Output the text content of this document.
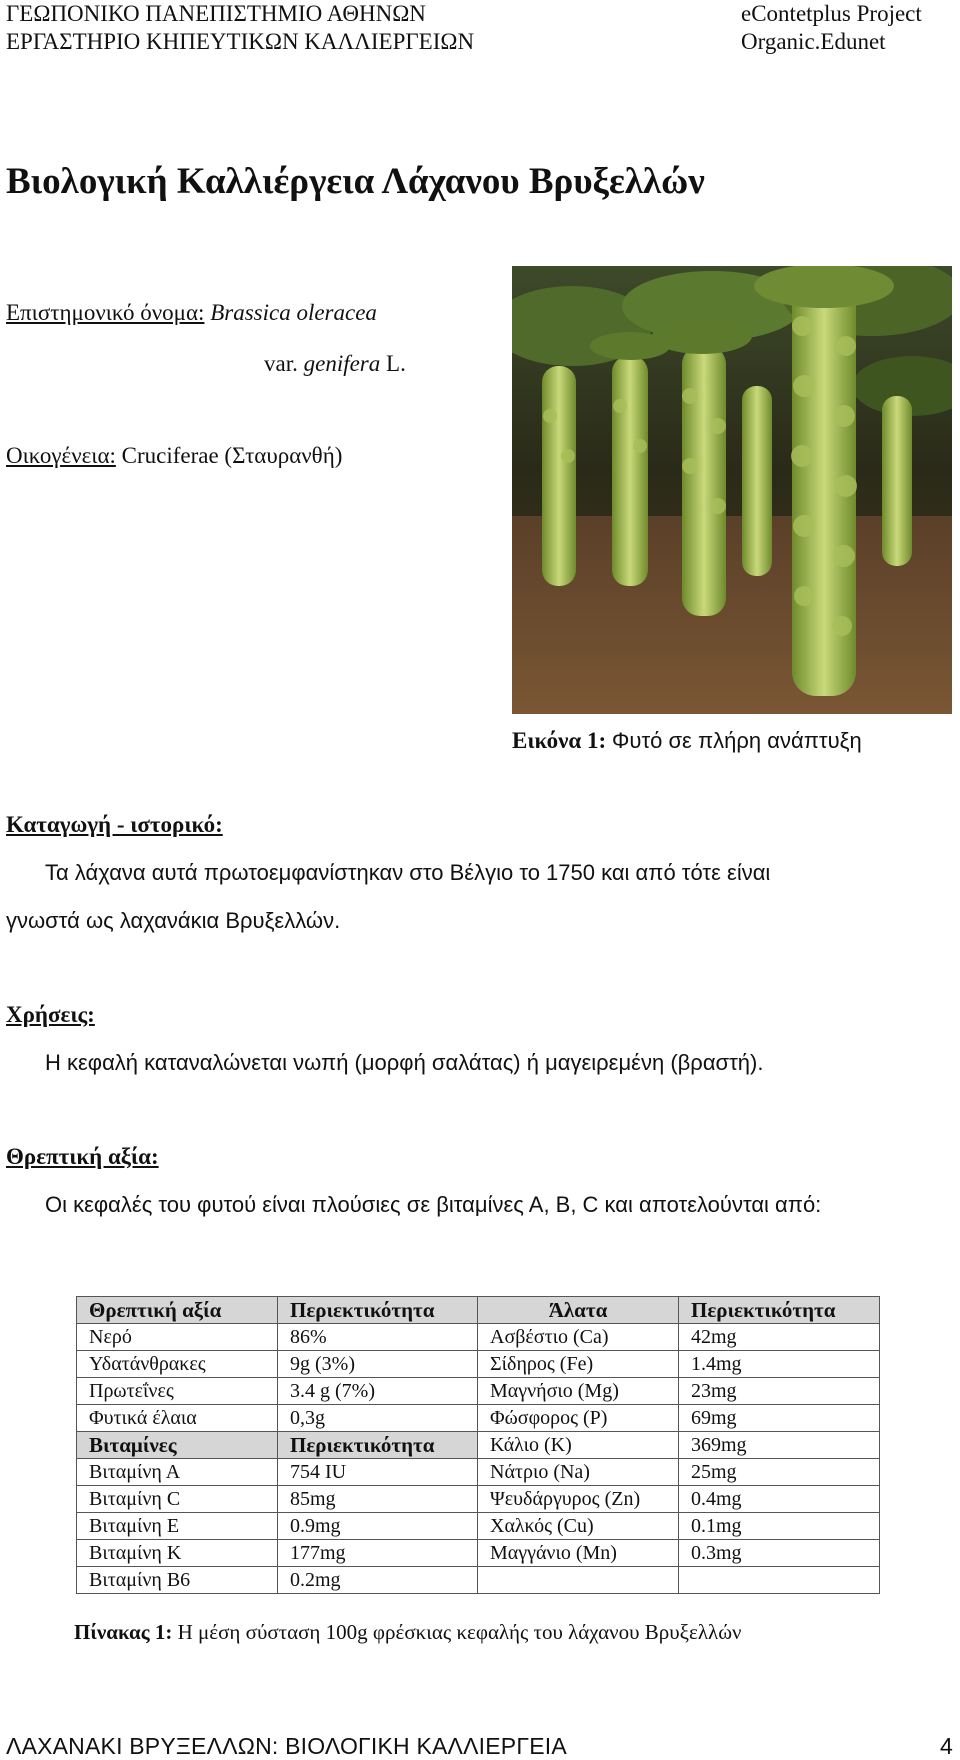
ΓΕΩΠΟΝΙΚΟ ΠΑΝΕΠΙΣΤΗΜΙΟ ΑΘΗΝΩΝ
ΕΡΓΑΣΤΗΡΙΟ ΚΗΠΕΥΤΙΚΩΝ ΚΑΛΛΙΕΡΓΕΙΩΝ
eContetplus Project
Organic.Edunet
Βιολογική Καλλιέργεια Λάχανου Βρυξελλών
Επιστημονικό όνομα: Brassica oleracea
var. genifera L.
Οικογένεια: Cruciferae (Σταυρανθή)
Εικόνα 1: Φυτό σε πλήρη ανάπτυξη
Καταγωγή - ιστορικό:
Τα λάχανα αυτά πρωτοεμφανίστηκαν στο Βέλγιο το 1750 και από τότε είναι
γνωστά ως λαχανάκια Βρυξελλών.
Χρήσεις:
Η κεφαλή καταναλώνεται νωπή (μορφή σαλάτας) ή μαγειρεμένη (βραστή).
Θρεπτική αξία:
Οι κεφαλές του φυτού είναι πλούσιες σε βιταμίνες Α, Β, C και αποτελούνται από:
Θρεπτική αξία	Περιεκτικότητα	Άλατα	Περιεκτικότητα
Νερό	86%	Ασβέστιο (Ca)	42mg
Υδατάνθρακες	9g (3%)	Σίδηρος (Fe)	1.4mg
Πρωτεΐνες	3.4 g (7%)	Μαγνήσιο (Mg)	23mg
Φυτικά έλαια	0,3g	Φώσφορος (P)	69mg
Βιταμίνες	Περιεκτικότητα	Κάλιο (K)	369mg
Βιταμίνη Α	754 IU	Νάτριο (Na)	25mg
Βιταμίνη C	85mg	Ψευδάργυρος (Zn)	0.4mg
Βιταμίνη Ε	0.9mg	Χαλκός (Cu)	0.1mg
Βιταμίνη Κ	177mg	Μαγγάνιο (Mn)	0.3mg
Βιταμίνη Β6	0.2mg		
Πίνακας 1: Η μέση σύσταση 100g φρέσκιας κεφαλής του λάχανου Βρυξελλών
ΛΑΧΑΝΑΚΙ ΒΡΥΞΕΛΛΩΝ: ΒΙΟΛΟΓΙΚΗ ΚΑΛΛΙΕΡΓΕΙΑ	4
